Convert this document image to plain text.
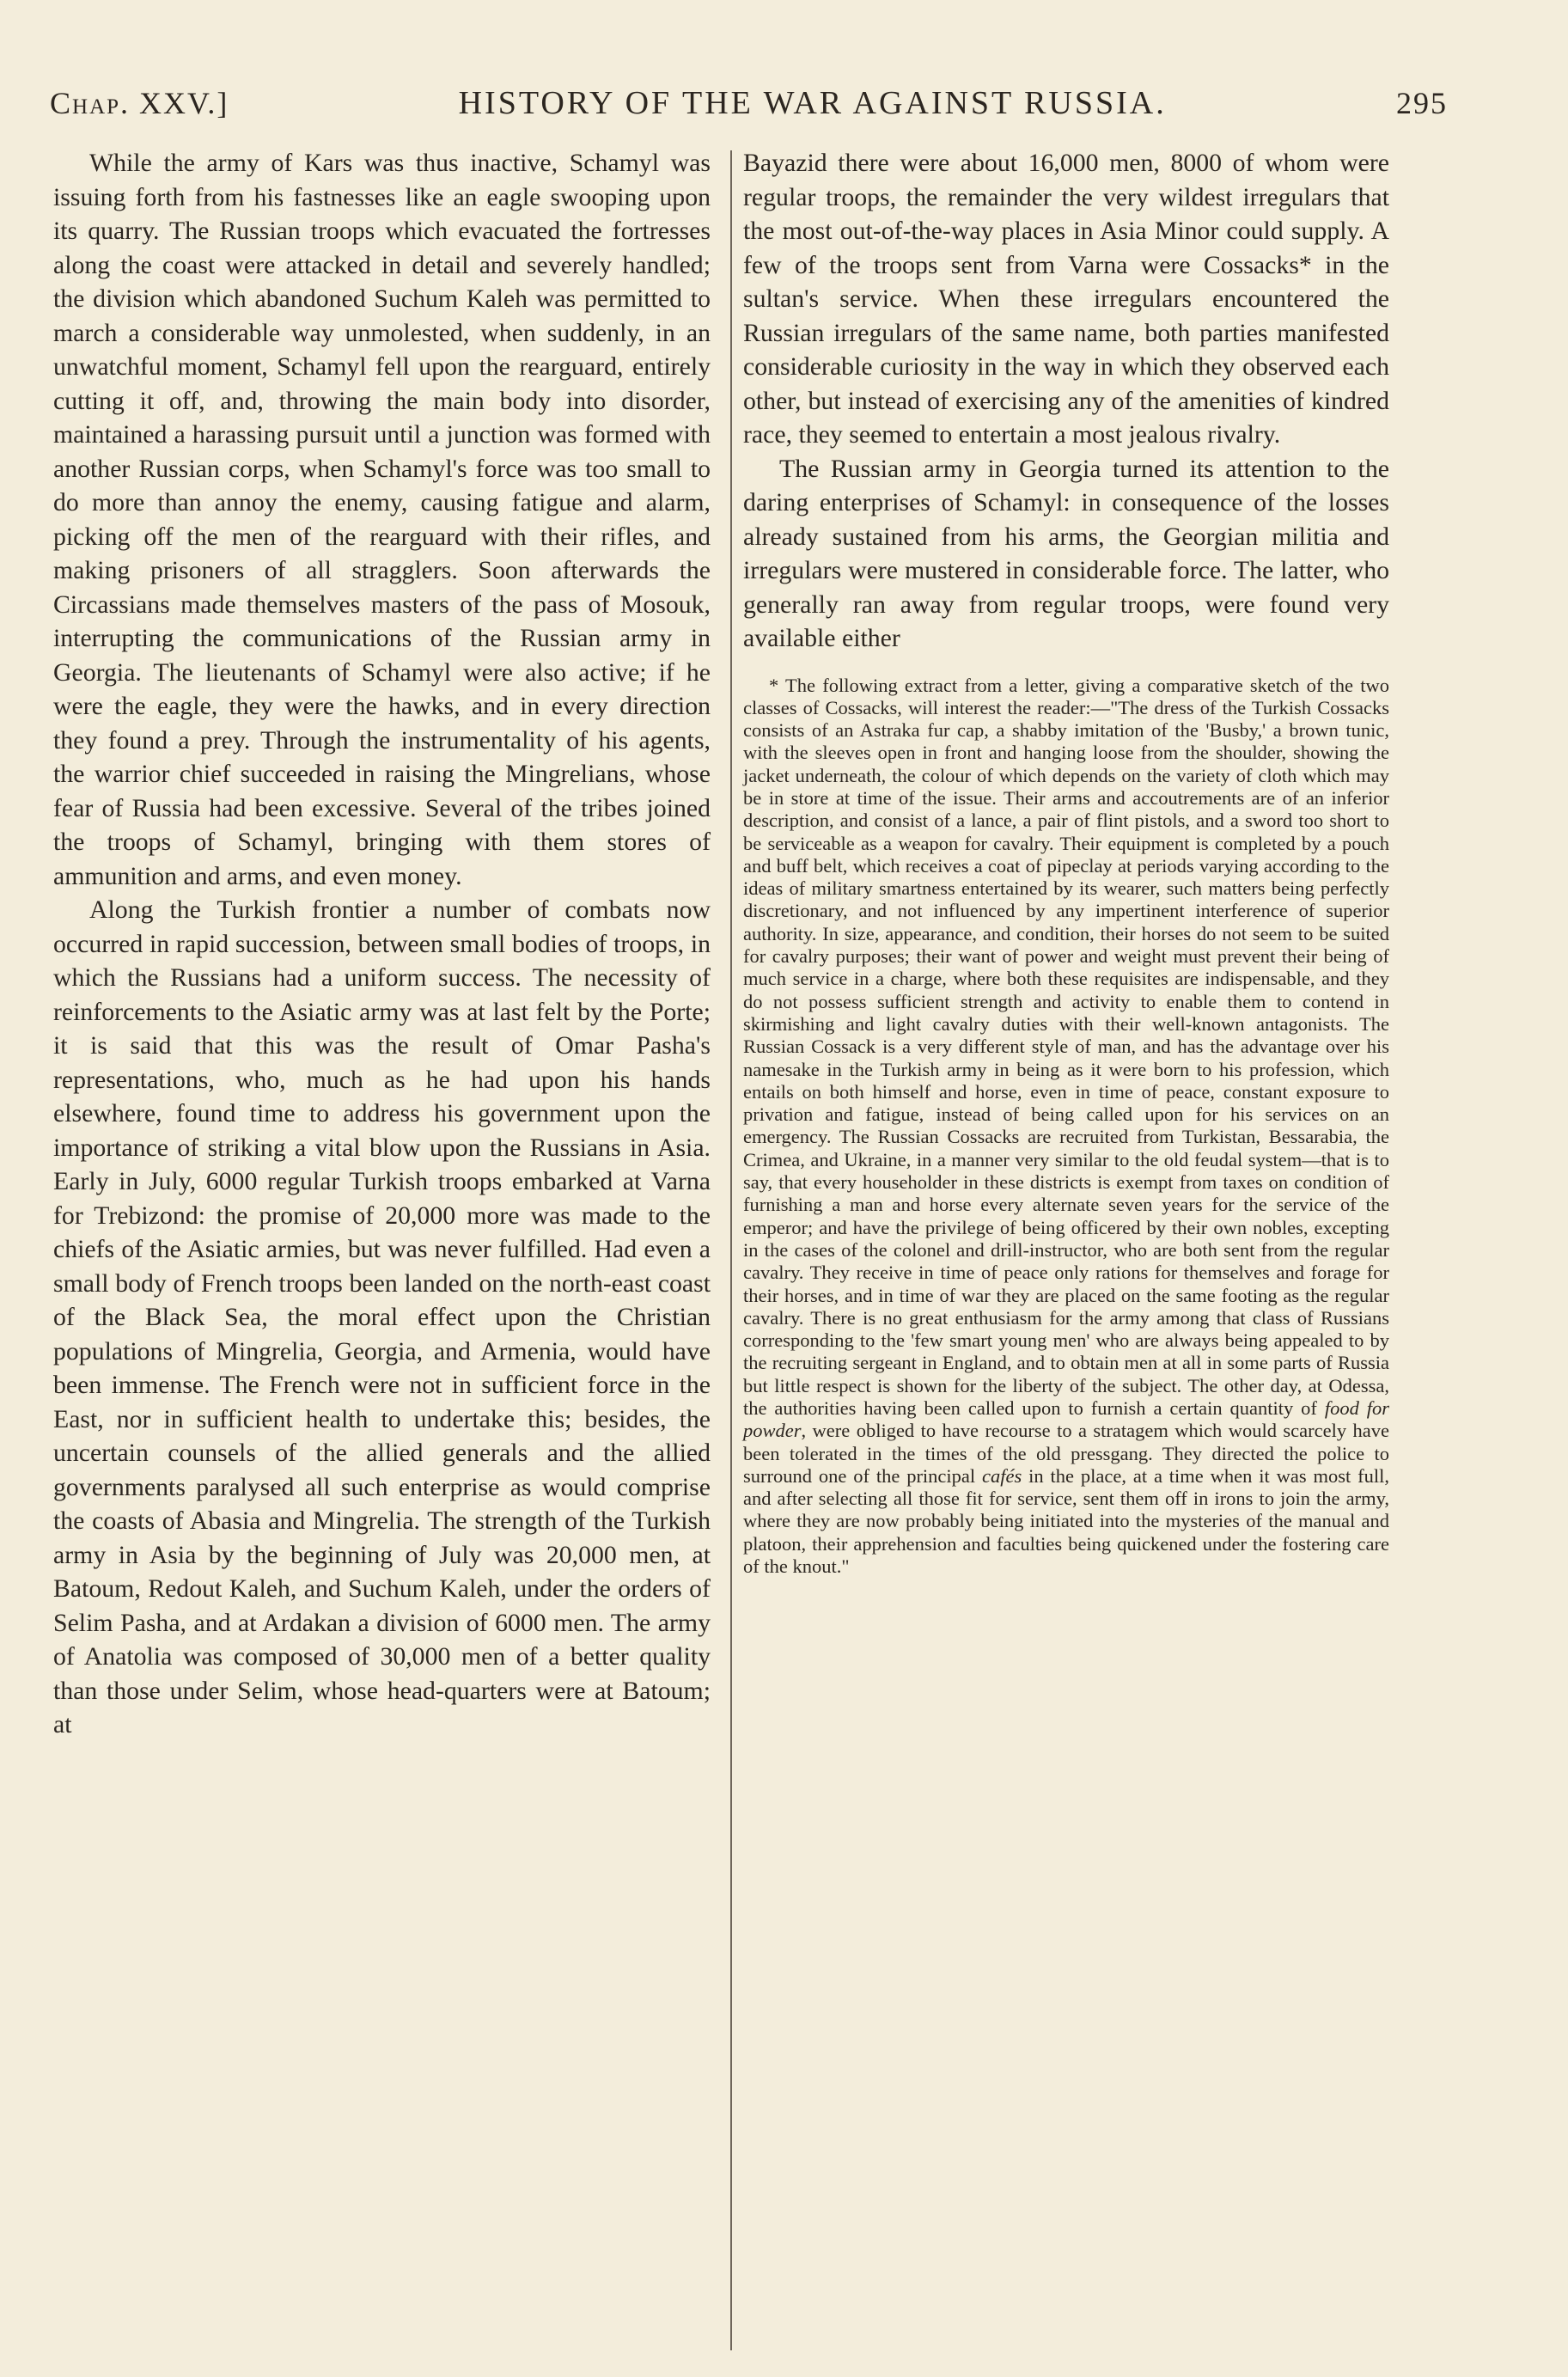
Chap. XXV.]	HISTORY OF THE WAR AGAINST RUSSIA.	295

While the army of Kars was thus inactive, Schamyl was issuing forth from his fastnesses like an eagle swooping upon its quarry. The Russian troops which evacuated the fortresses along the coast were attacked in detail and severely handled; the division which abandoned Suchum Kaleh was permitted to march a considerable way unmolested, when suddenly, in an unwatchful moment, Schamyl fell upon the rearguard, entirely cutting it off, and, throwing the main body into disorder, maintained a harassing pursuit until a junction was formed with another Russian corps, when Schamyl's force was too small to do more than annoy the enemy, causing fatigue and alarm, picking off the men of the rearguard with their rifles, and making prisoners of all stragglers. Soon afterwards the Circassians made themselves masters of the pass of Mosouk, interrupting the communications of the Russian army in Georgia. The lieutenants of Schamyl were also active; if he were the eagle, they were the hawks, and in every direction they found a prey. Through the instrumentality of his agents, the warrior chief succeeded in raising the Mingrelians, whose fear of Russia had been excessive. Several of the tribes joined the troops of Schamyl, bringing with them stores of ammunition and arms, and even money.

Along the Turkish frontier a number of combats now occurred in rapid succession, between small bodies of troops, in which the Russians had a uniform success. The necessity of reinforcements to the Asiatic army was at last felt by the Porte; it is said that this was the result of Omar Pasha's representations, who, much as he had upon his hands elsewhere, found time to address his government upon the importance of striking a vital blow upon the Russians in Asia. Early in July, 6000 regular Turkish troops embarked at Varna for Trebizond: the promise of 20,000 more was made to the chiefs of the Asiatic armies, but was never fulfilled. Had even a small body of French troops been landed on the north-east coast of the Black Sea, the moral effect upon the Christian populations of Mingrelia, Georgia, and Armenia, would have been immense. The French were not in sufficient force in the East, nor in sufficient health to undertake this; besides, the uncertain counsels of the allied generals and the allied governments paralysed all such enterprise as would comprise the coasts of Abasia and Mingrelia. The strength of the Turkish army in Asia by the beginning of July was 20,000 men, at Batoum, Redout Kaleh, and Suchum Kaleh, under the orders of Selim Pasha, and at Ardakan a division of 6000 men. The army of Anatolia was composed of 30,000 men of a better quality than those under Selim, whose head-quarters were at Batoum; at

Bayazid there were about 16,000 men, 8000 of whom were regular troops, the remainder the very wildest irregulars that the most out-of-the-way places in Asia Minor could supply. A few of the troops sent from Varna were Cossacks* in the sultan's service. When these irregulars encountered the Russian irregulars of the same name, both parties manifested considerable curiosity in the way in which they observed each other, but instead of exercising any of the amenities of kindred race, they seemed to entertain a most jealous rivalry.

The Russian army in Georgia turned its attention to the daring enterprises of Schamyl: in consequence of the losses already sustained from his arms, the Georgian militia and irregulars were mustered in considerable force. The latter, who generally ran away from regular troops, were found very available either

* The following extract from a letter, giving a comparative sketch of the two classes of Cossacks, will interest the reader:—"The dress of the Turkish Cossacks consists of an Astraka fur cap, a shabby imitation of the 'Busby,' a brown tunic, with the sleeves open in front and hanging loose from the shoulder, showing the jacket underneath, the colour of which depends on the variety of cloth which may be in store at time of the issue. Their arms and accoutrements are of an inferior description, and consist of a lance, a pair of flint pistols, and a sword too short to be serviceable as a weapon for cavalry. Their equipment is completed by a pouch and buff belt, which receives a coat of pipeclay at periods varying according to the ideas of military smartness entertained by its wearer, such matters being perfectly discretionary, and not influenced by any impertinent interference of superior authority. In size, appearance, and condition, their horses do not seem to be suited for cavalry purposes; their want of power and weight must prevent their being of much service in a charge, where both these requisites are indispensable, and they do not possess sufficient strength and activity to enable them to contend in skirmishing and light cavalry duties with their well-known antagonists. The Russian Cossack is a very different style of man, and has the advantage over his namesake in the Turkish army in being as it were born to his profession, which entails on both himself and horse, even in time of peace, constant exposure to privation and fatigue, instead of being called upon for his services on an emergency. The Russian Cossacks are recruited from Turkistan, Bessarabia, the Crimea, and Ukraine, in a manner very similar to the old feudal system—that is to say, that every householder in these districts is exempt from taxes on condition of furnishing a man and horse every alternate seven years for the service of the emperor; and have the privilege of being officered by their own nobles, excepting in the cases of the colonel and drill-instructor, who are both sent from the regular cavalry. They receive in time of peace only rations for themselves and forage for their horses, and in time of war they are placed on the same footing as the regular cavalry. There is no great enthusiasm for the army among that class of Russians corresponding to the 'few smart young men' who are always being appealed to by the recruiting sergeant in England, and to obtain men at all in some parts of Russia but little respect is shown for the liberty of the subject. The other day, at Odessa, the authorities having been called upon to furnish a certain quantity of food for powder, were obliged to have recourse to a stratagem which would scarcely have been tolerated in the times of the old pressgang. They directed the police to surround one of the principal cafés in the place, at a time when it was most full, and after selecting all those fit for service, sent them off in irons to join the army, where they are now probably being initiated into the mysteries of the manual and platoon, their apprehension and faculties being quickened under the fostering care of the knout."
